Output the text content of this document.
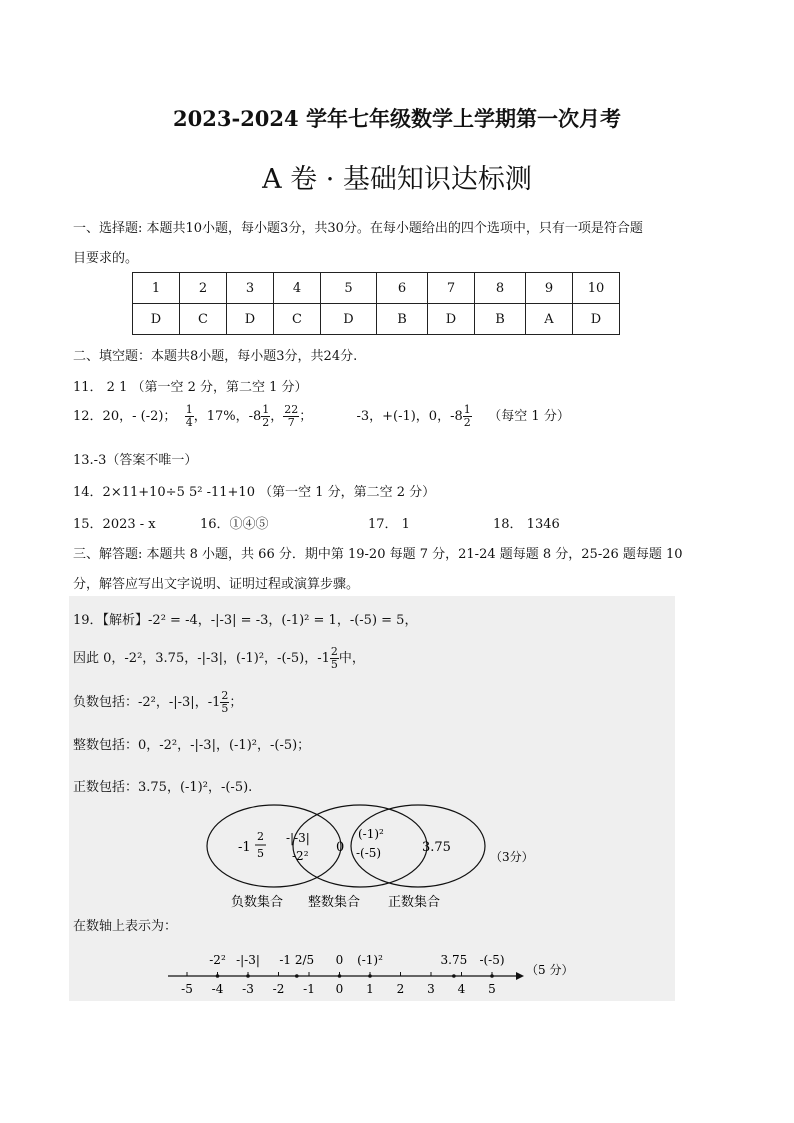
2023-2024 学年七年级数学上学期第一次月考
A 卷 · 基础知识达标测
一、选择题: 本题共10小题，每小题3分，共30分。在每小题给出的四个选项中，只有一项是符合题
目要求的。
1	2	3	4	5	6	7	8	9	10
D	C	D	C	D	B	D	B	A	D
二、填空题：本题共8小题，每小题3分，共24分.
11． 2 1 （第一空 2 分，第二空 1 分）
12．20，- (-2)； $\frac{1}{4}$ ，17%，$-8 \frac{1}{2}$ ， $\frac{22}{7}$ ；	-3，+(-1)，0，$-8 \frac{1}{2}$ （每空 1 分）
13.-3（答案不唯一）
14．2×11+10÷5 5² -11+10 （第一空 1 分，第二空 2 分）
15．2023 - x	16．①④⑤	17． 1	18． 1346
三、解答题: 本题共 8 小题，共 66 分．期中第 19-20 每题 7 分，21-24 题每题 8 分，25-26 题每题 10
分，解答应写出文字说明、证明过程或演算步骤。
19．【解析】-2² = -4，-|-3| = -3，(-1)² = 1，-(-5) = 5，
因此 0，-2²，3.75，-|-3|，(-1)²，-(-5)，$-1 \frac{2}{5}$ 中，
负数包括：-2²，-|-3|，$-1 \frac{2}{5}$ ；
整数包括：0，-2²，-|-3|，(-1)²，-(-5)；
正数包括：3.75，(-1)²，-(-5).
-1
2
5
-|-3|
-2²
0
(-1)²
-(-5)	3.75
（3分）
负数集合 整数集合 正数集合
在数轴上表示为：
-5 -4 -3 -2 -1 0 1 2 3 4 5
-2² -|-3| -1 2/5 0 (-1)²	3.75 -(-5)
（5 分）
